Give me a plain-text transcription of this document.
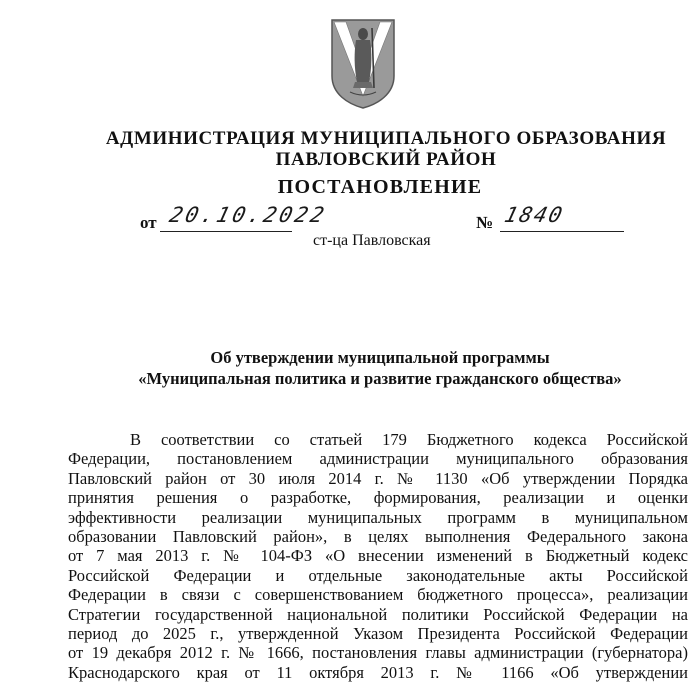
АДМИНИСТРАЦИЯ МУНИЦИПАЛЬНОГО ОБРАЗОВАНИЯ
ПАВЛОВСКИЙ РАЙОН
ПОСТАНОВЛЕНИЕ
от 20.10.2022	№ 1840
ст-ца Павловская
Об утверждении муниципальной программы
«Муниципальная политика и развитие гражданского общества»
В соответствии со статьей 179 Бюджетного кодекса Российской
Федерации, постановлением администрации муниципального образования
Павловский район от 30 июля 2014 г. № 1130 «Об утверждении Порядка
принятия решения о разработке, формирования, реализации и оценки
эффективности реализации муниципальных программ в муниципальном
образовании Павловский район», в целях выполнения Федерального закона
от 7 мая 2013 г. № 104-ФЗ «О внесении изменений в Бюджетный кодекс
Российской Федерации и отдельные законодательные акты Российской
Федерации в связи с совершенствованием бюджетного процесса», реализации
Стратегии государственной национальной политики Российской Федерации на
период до 2025 г., утвержденной Указом Президента Российской Федерации
от 19 декабря 2012 г. № 1666, постановления главы администрации (губернатора)
Краснодарского края от 11 октября 2013 г. № 1166 «Об утверждении
